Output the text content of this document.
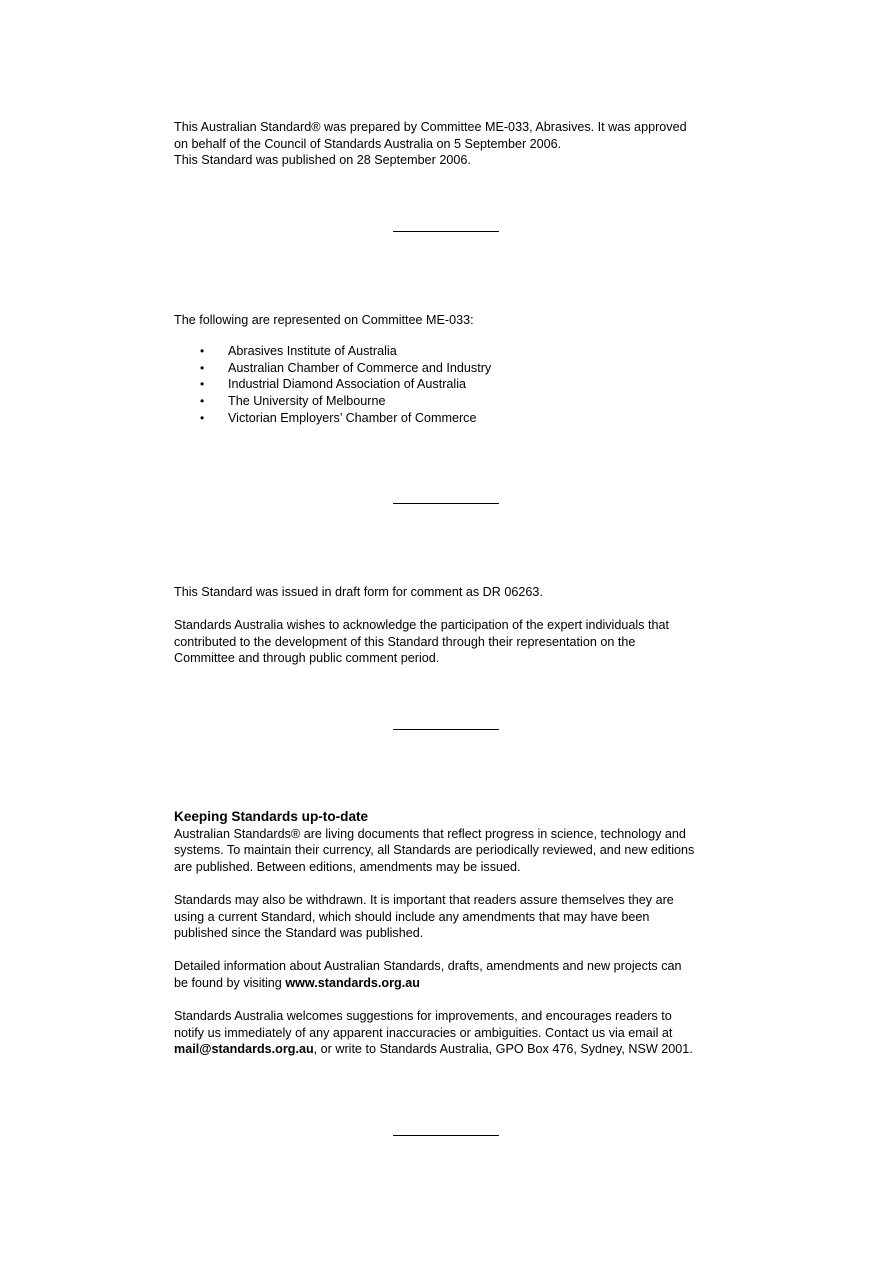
This Australian Standard® was prepared by Committee ME-033, Abrasives. It was approved
on behalf of the Council of Standards Australia on 5 September 2006.
This Standard was published on 28 September 2006.
The following are represented on Committee ME-033:
• Abrasives Institute of Australia
• Australian Chamber of Commerce and Industry
• Industrial Diamond Association of Australia
• The University of Melbourne
• Victorian Employers’ Chamber of Commerce
This Standard was issued in draft form for comment as DR 06263.
Standards Australia wishes to acknowledge the participation of the expert individuals that
contributed to the development of this Standard through their representation on the
Committee and through public comment period.
Keeping Standards up-to-date

Australian Standards® are living documents that reflect progress in science, technology and
systems. To maintain their currency, all Standards are periodically reviewed, and new editions
are published. Between editions, amendments may be issued.

Standards may also be withdrawn. It is important that readers assure themselves they are
using a current Standard, which should include any amendments that may have been
published since the Standard was published.

Detailed information about Australian Standards, drafts, amendments and new projects can
be found by visiting www.standards.org.au

Standards Australia welcomes suggestions for improvements, and encourages readers to
notify us immediately of any apparent inaccuracies or ambiguities. Contact us via email at
mail@standards.org.au, or write to Standards Australia, GPO Box 476, Sydney, NSW 2001.
